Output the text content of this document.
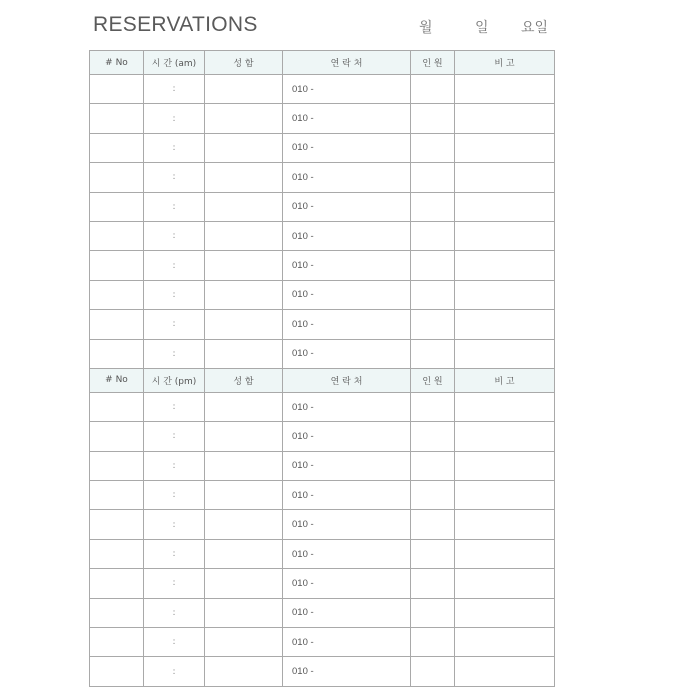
RESERVATIONS	월	일 요일
# No	시 간 (am)	성 함	연 락 처	인 원	비 고
	:		010 -		
	:		010 -		
	:		010 -		
	:		010 -		
	:		010 -		
	:		010 -		
	:		010 -		
	:		010 -		
	:		010 -		
	:		010 -		
# No	시 간 (pm)	성 함	연 락 처	인 원	비 고
	:		010 -		
	:		010 -		
	:		010 -		
	:		010 -		
	:		010 -		
	:		010 -		
	:		010 -		
	:		010 -		
	:		010 -		
	:		010 -		
